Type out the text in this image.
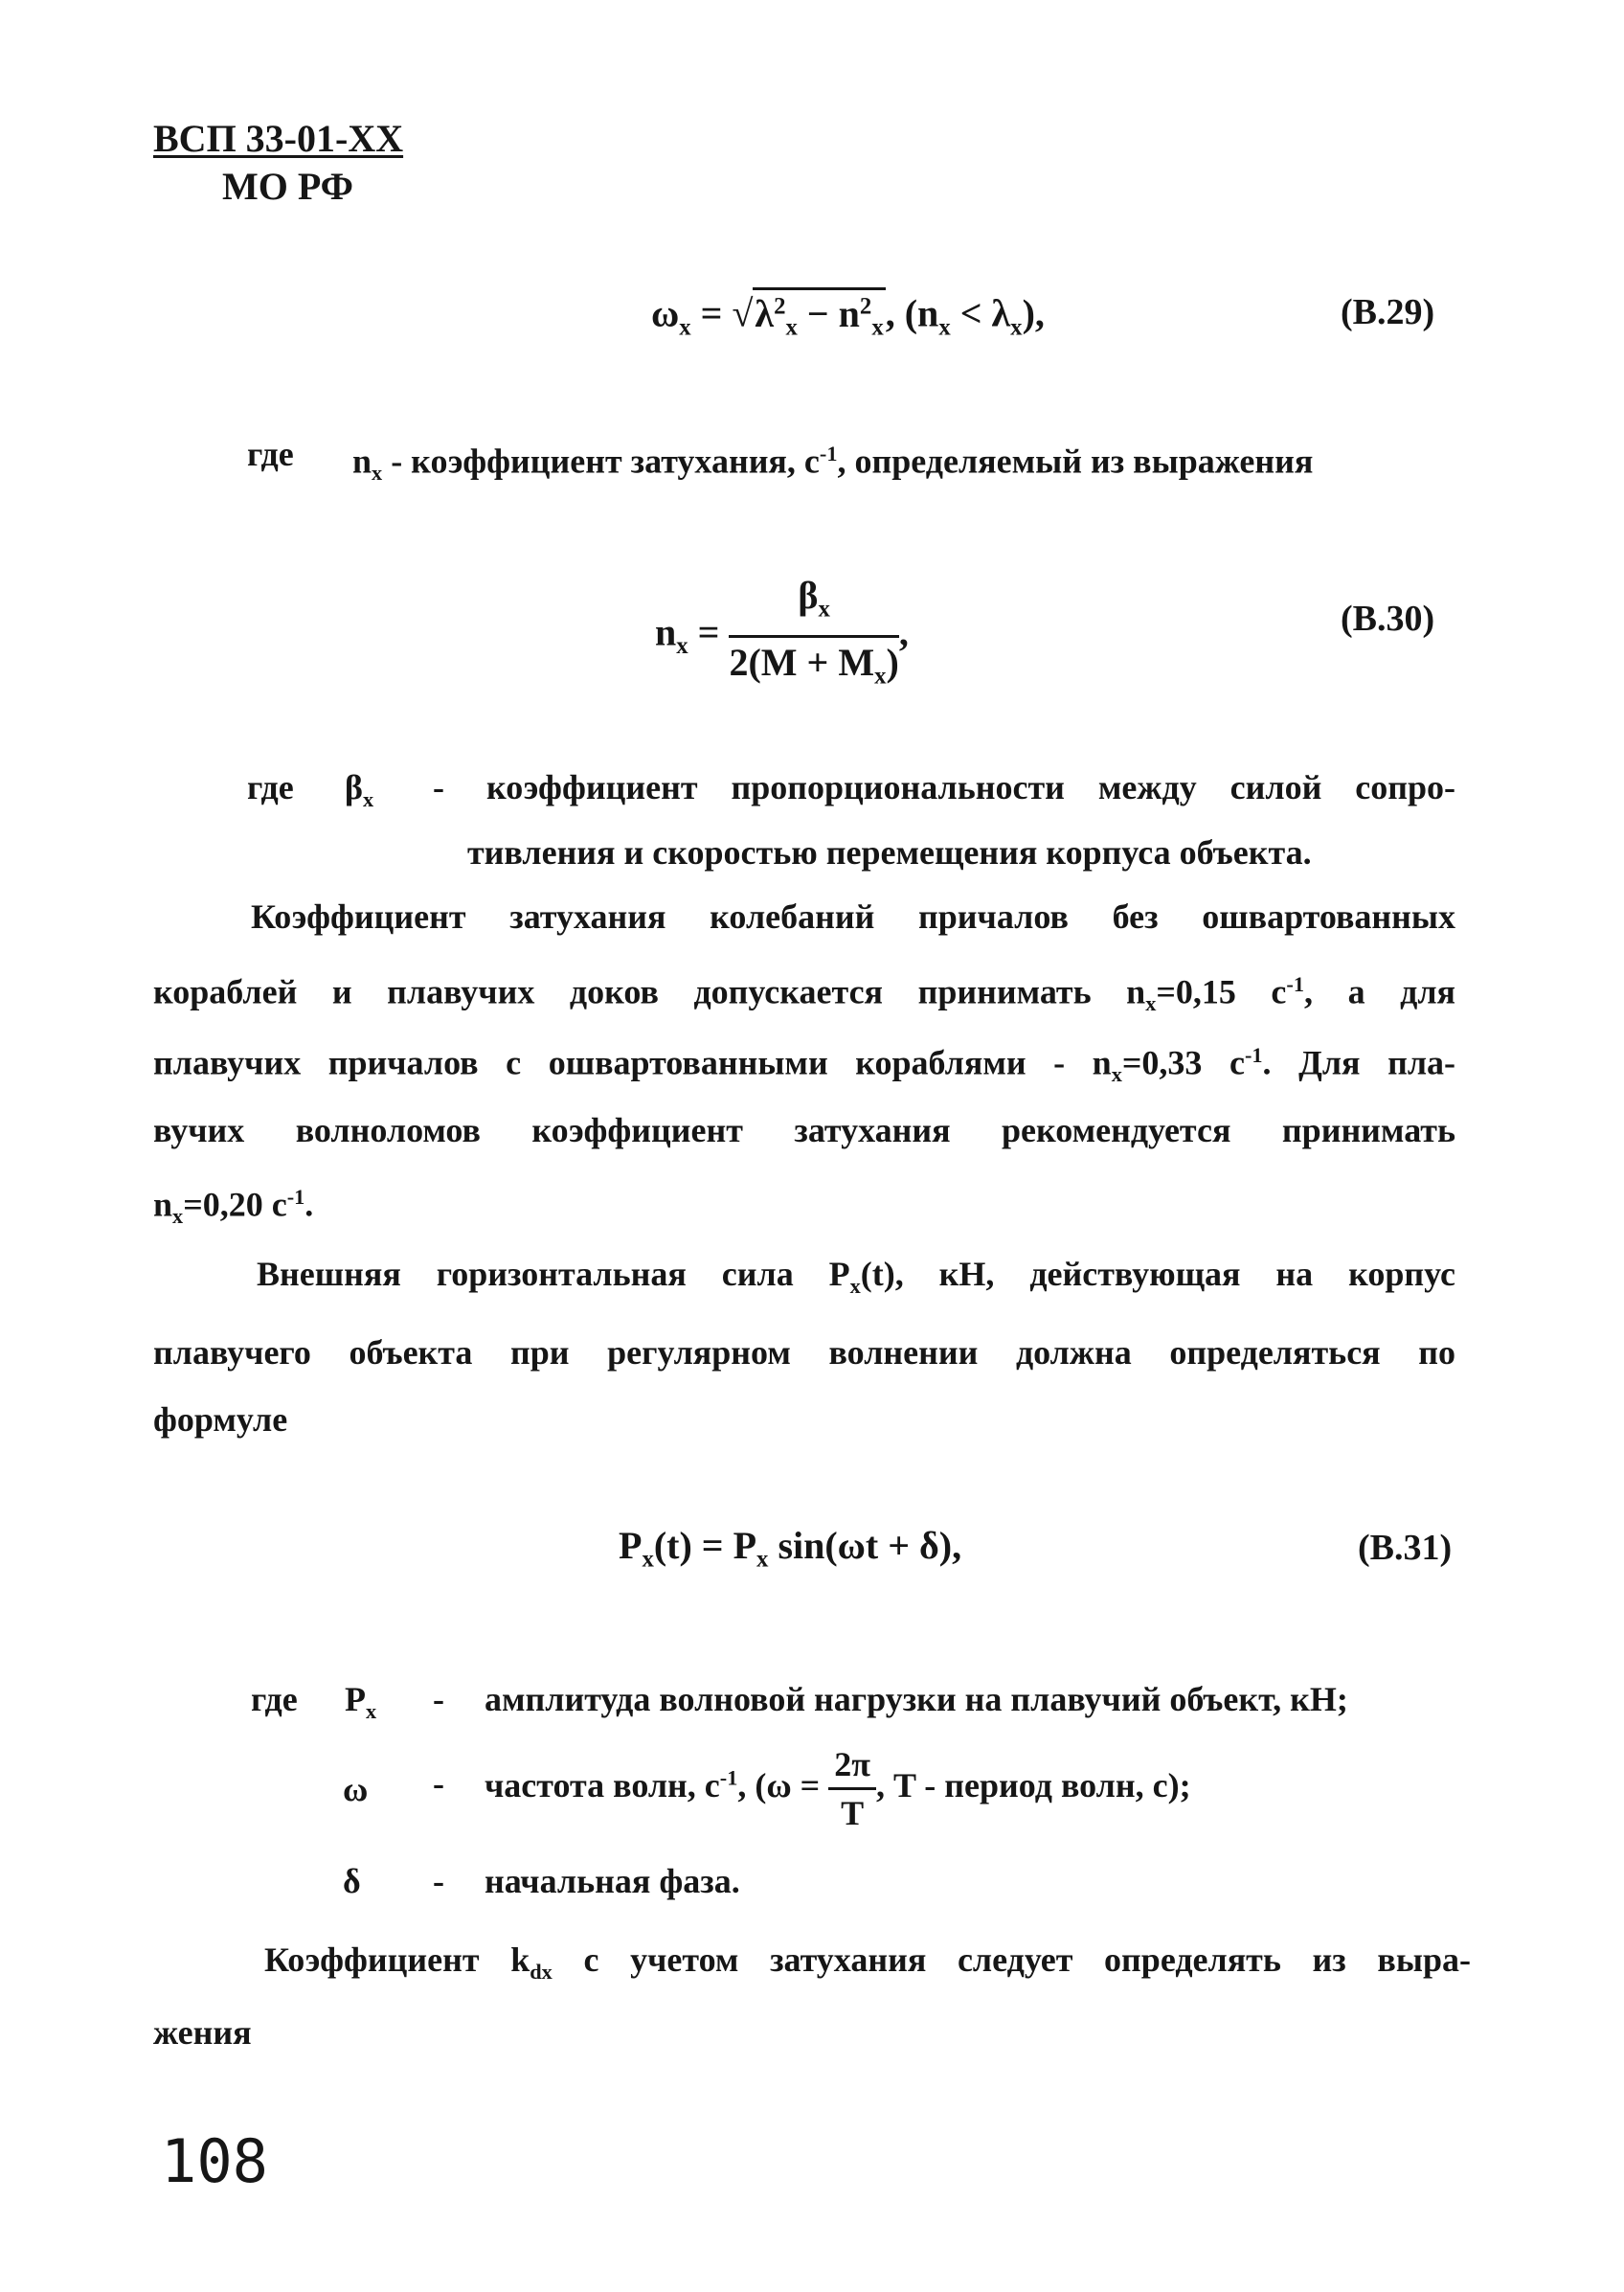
ВСП 33-01-XX
МО РФ
$\omega_x = √\lambda^2_x - n^2_x$, $(n_x < \lambda_x)$,	(В.29)
где $n_x$ - коэффициент затухания, $с^{-1}$, определяемый из выражения
$n_x = \frac{\beta_x}{2(M + M_x)}$ ,	(В.30)
где $\beta_x$ - коэффициент пропорциональности между силой сопро-
тивления и скоростью перемещения корпуса объекта.
Коэффициент затухания колебаний причалов без ошвартованных
кораблей и плавучих доков допускается принимать $n_x=0,15$ $с^{-1}$, а для
плавучих причалов с ошвартованными кораблями - $n_x=0,33$ $с^{-1}$. Для пла-
вучих волноломов коэффициент затухания рекомендуется принимать
$n_x=0,20$ $с^{-1}$.
Внешняя горизонтальная сила $P_x(t)$, кН, действующая на корпус
плавучего объекта при регулярном волнении должна определяться по
формуле
$P_x(t) = P_x$ sin(ωt + δ),	(В.31)
где $P_x$ - амплитуда волновой нагрузки на плавучий объект, кН;
ω - частота волн, $с^{-1}$, ($\omega = \frac{2\pi}{T}$ , T - период волн, с);
δ - начальная фаза.
Коэффициент $k_{dx}$ с учетом затухания следует определять из выра-
жения
108
